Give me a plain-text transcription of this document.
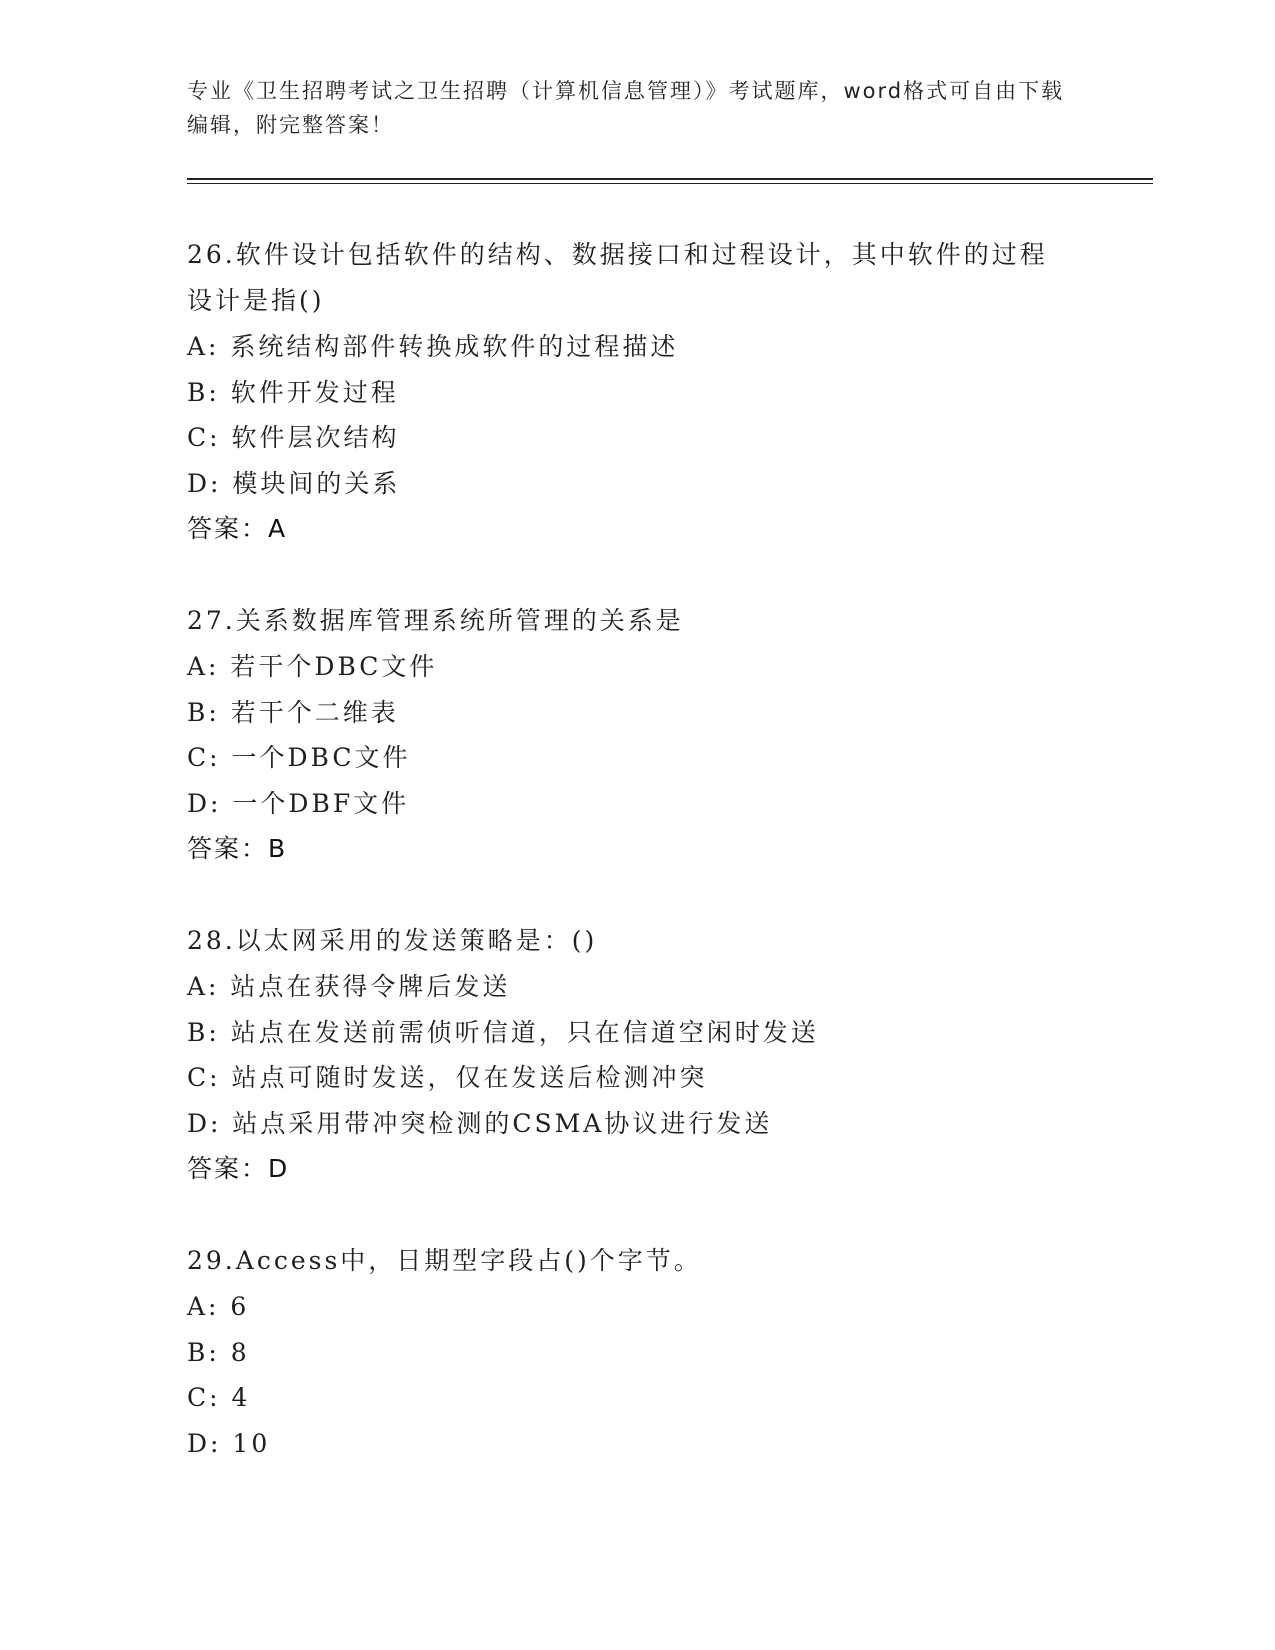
专业《卫生招聘考试之卫生招聘（计算机信息管理）》考试题库，word格式可自由下载编辑，附完整答案！
26.软件设计包括软件的结构、数据接口和过程设计，其中软件的过程设计是指()
A: 系统结构部件转换成软件的过程描述
B: 软件开发过程
C: 软件层次结构
D: 模块间的关系
答案：A
27.关系数据库管理系统所管理的关系是
A: 若干个DBC文件
B: 若干个二维表
C: 一个DBC文件
D: 一个DBF文件
答案：B
28.以太网采用的发送策略是：()
A: 站点在获得令牌后发送
B: 站点在发送前需侦听信道，只在信道空闲时发送
C: 站点可随时发送，仅在发送后检测冲突
D: 站点采用带冲突检测的CSMA协议进行发送
答案：D
29.Access中，日期型字段占()个字节。
A: 6
B: 8
C: 4
D: 10
